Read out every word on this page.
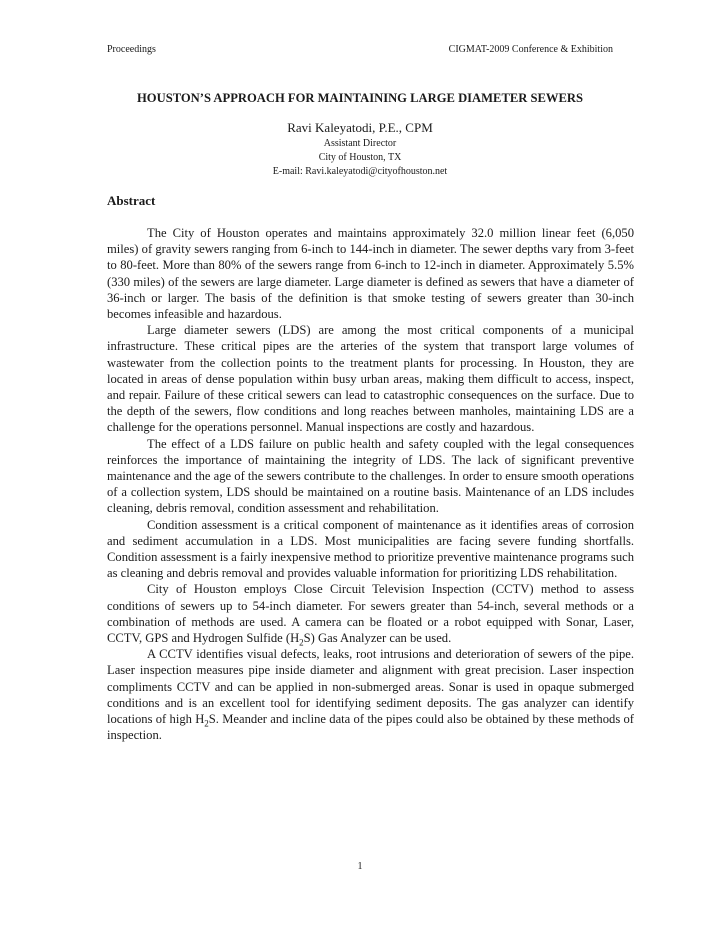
Proceedings	CIGMAT-2009 Conference & Exhibition
HOUSTON’S APPROACH FOR MAINTAINING LARGE DIAMETER SEWERS
Ravi Kaleyatodi, P.E., CPM
Assistant Director
City of Houston, TX
E-mail: Ravi.kaleyatodi@cityofhouston.net
Abstract

The City of Houston operates and maintains approximately 32.0 million linear feet (6,050 miles) of gravity sewers ranging from 6-inch to 144-inch in diameter. The sewer depths vary from 3-feet to 80-feet. More than 80% of the sewers range from 6-inch to 12-inch in diameter. Approximately 5.5% (330 miles) of the sewers are large diameter. Large diameter is defined as sewers that have a diameter of 36-inch or larger. The basis of the definition is that smoke testing of sewers greater than 30-inch becomes infeasible and hazardous.

Large diameter sewers (LDS) are among the most critical components of a municipal infrastructure. These critical pipes are the arteries of the system that transport large volumes of wastewater from the collection points to the treatment plants for processing. In Houston, they are located in areas of dense population within busy urban areas, making them difficult to access, inspect, and repair. Failure of these critical sewers can lead to catastrophic consequences on the surface. Due to the depth of the sewers, flow conditions and long reaches between manholes, maintaining LDS are a challenge for the operations personnel. Manual inspections are costly and hazardous.

The effect of a LDS failure on public health and safety coupled with the legal consequences reinforces the importance of maintaining the integrity of LDS. The lack of significant preventive maintenance and the age of the sewers contribute to the challenges. In order to ensure smooth operations of a collection system, LDS should be maintained on a routine basis. Maintenance of an LDS includes cleaning, debris removal, condition assessment and rehabilitation.

Condition assessment is a critical component of maintenance as it identifies areas of corrosion and sediment accumulation in a LDS. Most municipalities are facing severe funding shortfalls. Condition assessment is a fairly inexpensive method to prioritize preventive maintenance programs such as cleaning and debris removal and provides valuable information for prioritizing LDS rehabilitation.

City of Houston employs Close Circuit Television Inspection (CCTV) method to assess conditions of sewers up to 54-inch diameter. For sewers greater than 54-inch, several methods or a combination of methods are used. A camera can be floated or a robot equipped with Sonar, Laser, CCTV, GPS and Hydrogen Sulfide $(H_2S)$ Gas Analyzer can be used.

A CCTV identifies visual defects, leaks, root intrusions and deterioration of sewers of the pipe. Laser inspection measures pipe inside diameter and alignment with great precision. Laser inspection compliments CCTV and can be applied in non-submerged areas. Sonar is used in opaque submerged conditions and is an excellent tool for identifying sediment deposits. The gas analyzer can identify locations of high $H_2S$. Meander and incline data of the pipes could also be obtained by these methods of inspection.

1
